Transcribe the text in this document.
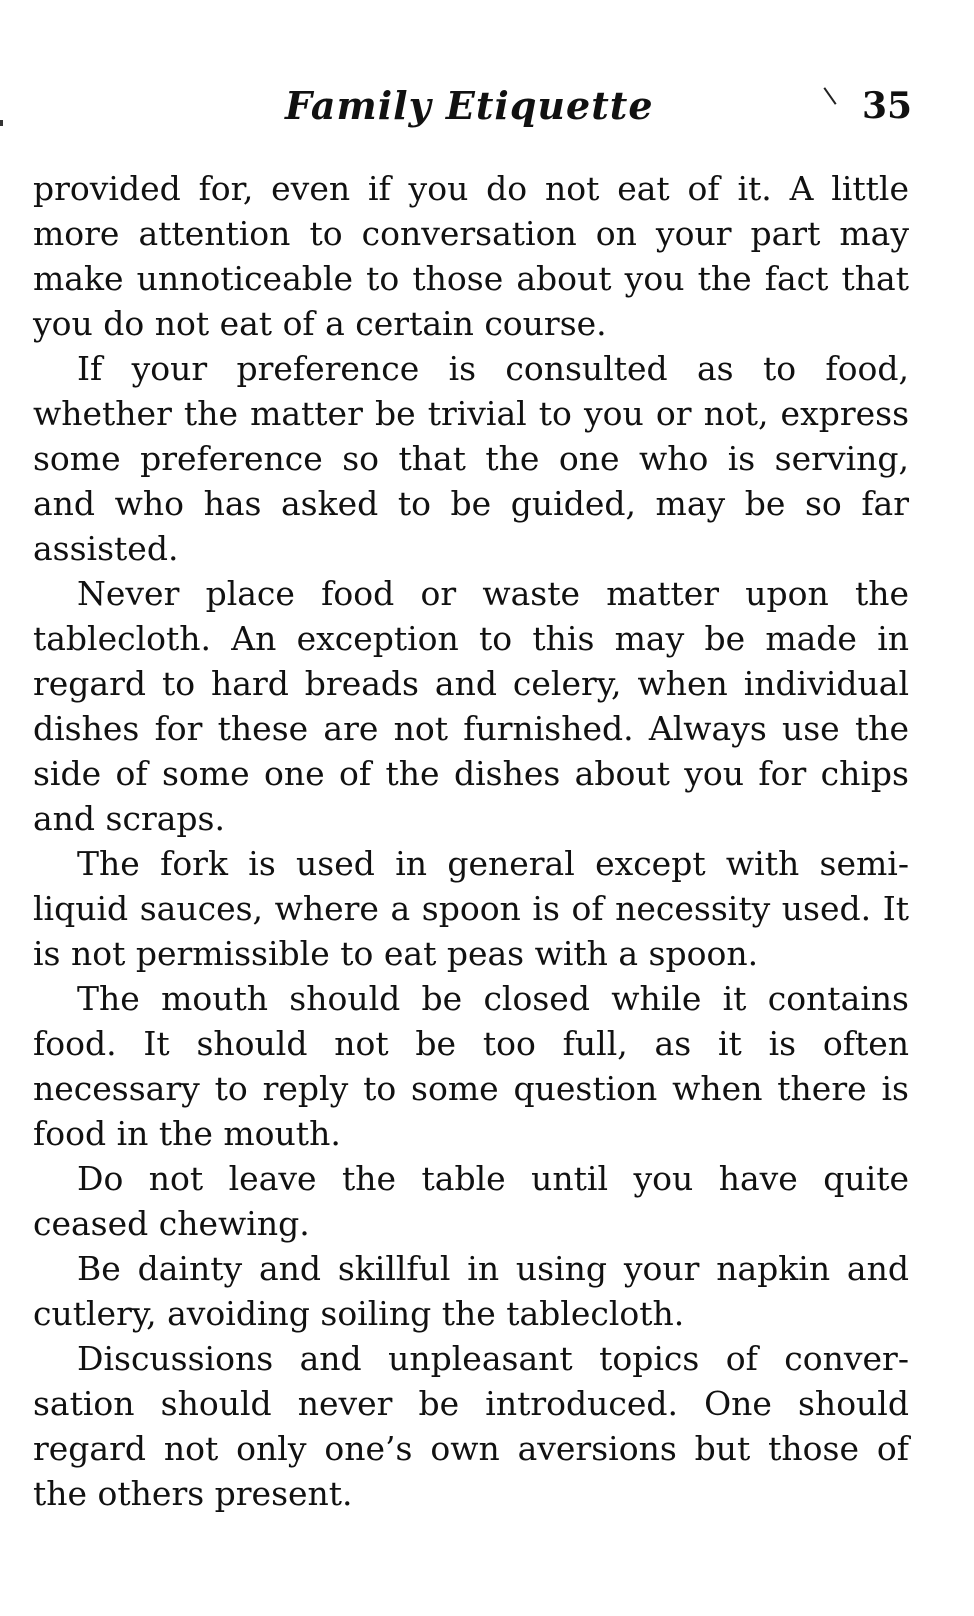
Family Etiquette	35

provided for, even if you do not eat of it. A little more attention to conversation on your part may make unnoticeable to those about you the fact that you do not eat of a certain course.

If your preference is consulted as to food, whether the matter be trivial to you or not, express some preference so that the one who is serving, and who has asked to be guided, may be so far assisted.

Never place food or waste matter upon the tablecloth. An exception to this may be made in regard to hard breads and celery, when individual dishes for these are not furnished. Always use the side of some one of the dishes about you for chips and scraps.

The fork is used in general except with semi-liquid sauces, where a spoon is of necessity used. It is not permissible to eat peas with a spoon.

The mouth should be closed while it contains food. It should not be too full, as it is often necessary to reply to some question when there is food in the mouth.

Do not leave the table until you have quite ceased chewing.

Be dainty and skillful in using your napkin and cutlery, avoiding soiling the tablecloth.

Discussions and unpleasant topics of conversation should never be introduced. One should regard not only one’s own aversions but those of the others present.
